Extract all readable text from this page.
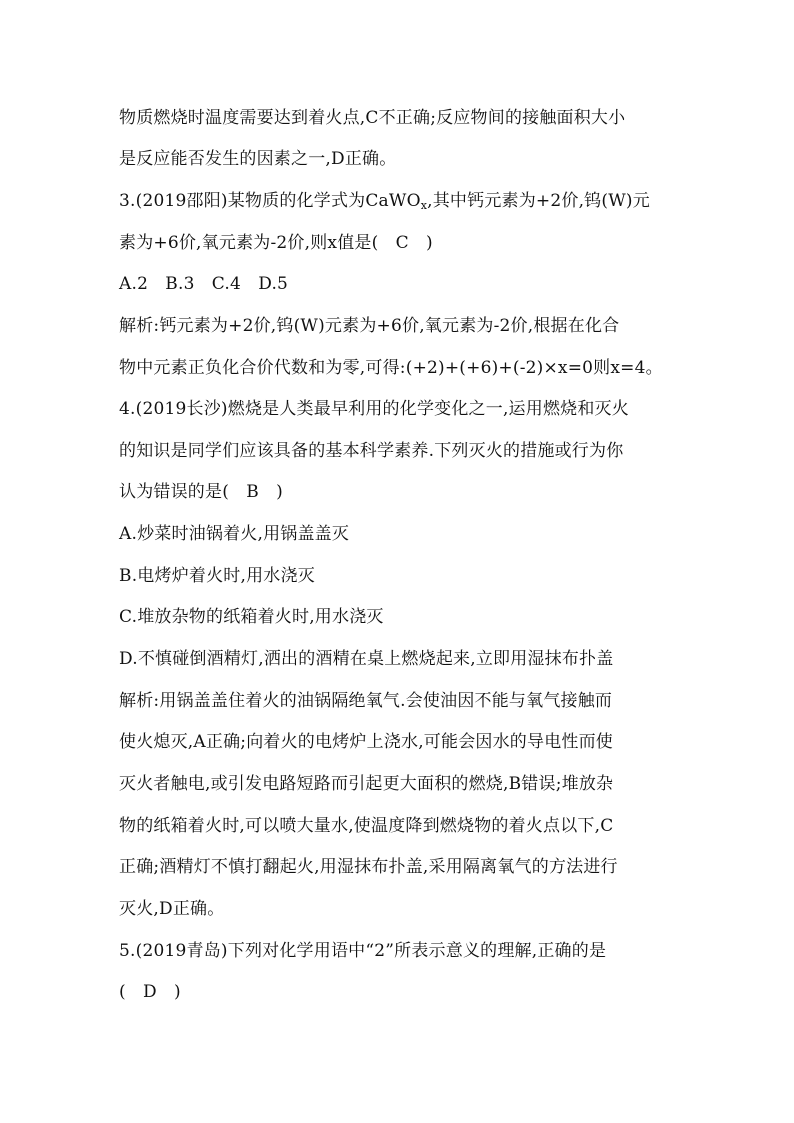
物质燃烧时温度需要达到着火点,C不正确;反应物间的接触面积大小
是反应能否发生的因素之一,D正确。
3.(2019邵阳)某物质的化学式为CaWO$_x$,其中钙元素为+2价,钨(W)元
素为+6价,氧元素为-2价,则x值是(　C　)
A.2　B.3　C.4　D.5
解析:钙元素为+2价,钨(W)元素为+6价,氧元素为-2价,根据在化合
物中元素正负化合价代数和为零,可得:(+2)+(+6)+(-2)×x=0则x=4。
4.(2019长沙)燃烧是人类最早利用的化学变化之一,运用燃烧和灭火
的知识是同学们应该具备的基本科学素养.下列灭火的措施或行为你
认为错误的是(　B　)
A.炒菜时油锅着火,用锅盖盖灭
B.电烤炉着火时,用水浇灭
C.堆放杂物的纸箱着火时,用水浇灭
D.不慎碰倒酒精灯,洒出的酒精在桌上燃烧起来,立即用湿抹布扑盖
解析:用锅盖盖住着火的油锅隔绝氧气.会使油因不能与氧气接触而
使火熄灭,A正确;向着火的电烤炉上浇水,可能会因水的导电性而使
灭火者触电,或引发电路短路而引起更大面积的燃烧,B错误;堆放杂
物的纸箱着火时,可以喷大量水,使温度降到燃烧物的着火点以下,C
正确;酒精灯不慎打翻起火,用湿抹布扑盖,采用隔离氧气的方法进行
灭火,D正确。
5.(2019青岛)下列对化学用语中“2”所表示意义的理解,正确的是
(　D　)
